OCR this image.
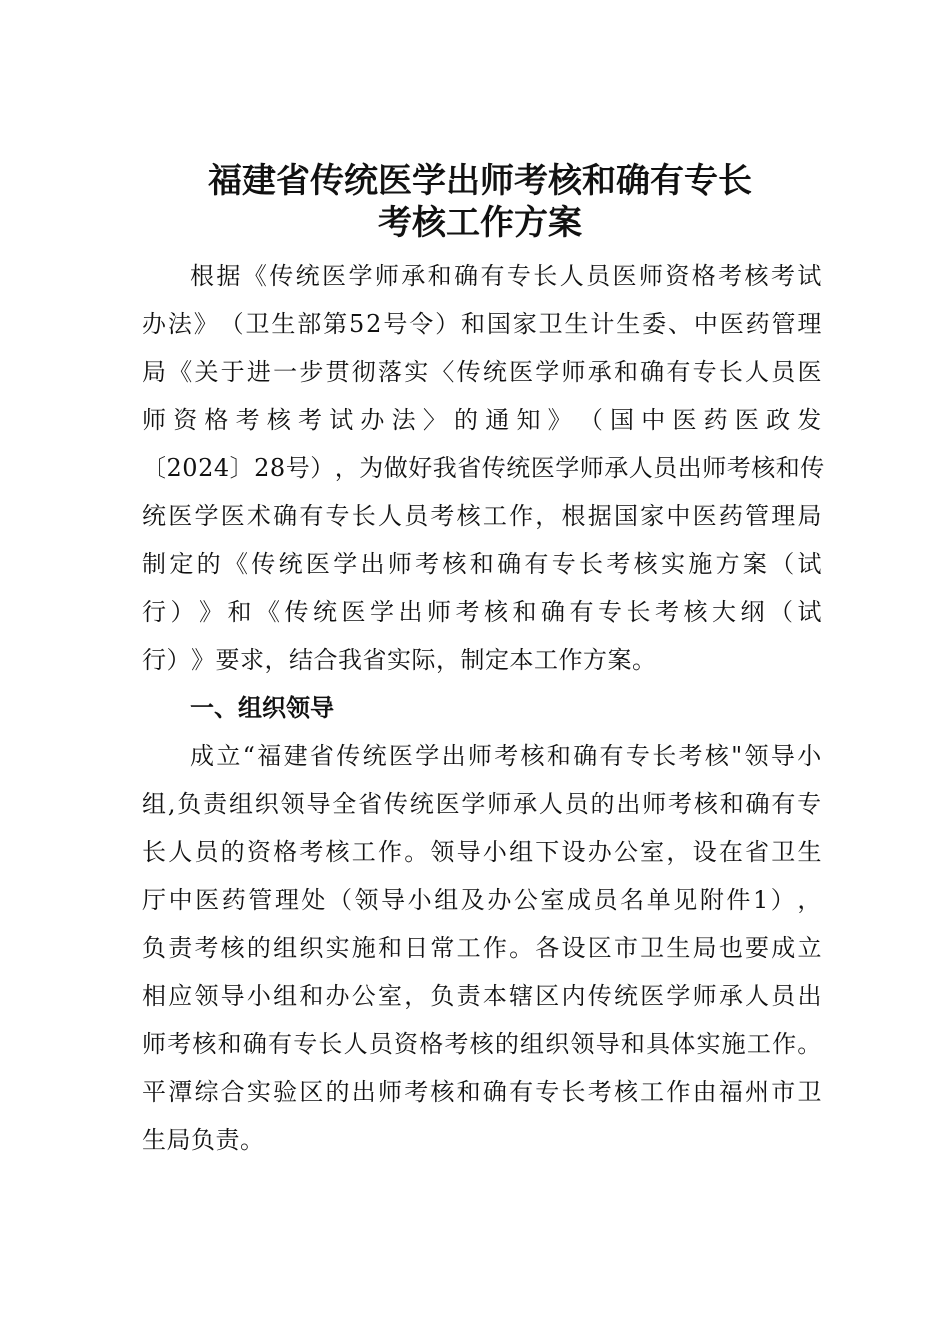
福建省传统医学出师考核和确有专长
考核工作方案
根 据 《 传 统 医 学 师 承 和 确 有 专 长 人 员 医 师 资 格 考 核 考 试
办 法 》 （ 卫 生 部 第 5 2 号 令 ） 和 国 家 卫 生 计 生 委 、 中 医 药 管 理
局 《 关 于 进 一 步 贯 彻 落 实 〈 传 统 医 学 师 承 和 确 有 专 长 人 员 医
师 资 格 考 核 考 试 办 法 〉 的 通 知 》 （ 国 中 医 药 医 政 发
〔 2 0 2 4 〕 2 8 号 ） ， 为 做 好 我 省 传 统 医 学 师 承 人 员 出 师 考 核 和 传
统 医 学 医 术 确 有 专 长 人 员 考 核 工 作 ， 根 据 国 家 中 医 药 管 理 局
制 定 的 《 传 统 医 学 出 师 考 核 和 确 有 专 长 考 核 实 施 方 案 （ 试
行 ） 》 和 《 传 统 医 学 出 师 考 核 和 确 有 专 长 考 核 大 纲 （ 试
行 ） 》 要 求 ， 结 合 我 省 实 际 ， 制 定 本 工 作 方 案 。
一、组织领导
成 立 “ 福 建 省 传 统 医 学 出 师 考 核 和 确 有 专 长 考 核 " 领 导 小
组 , 负 责 组 织 领 导 全 省 传 统 医 学 师 承 人 员 的 出 师 考 核 和 确 有 专
长 人 员 的 资 格 考 核 工 作 。 领 导 小 组 下 设 办 公 室 ， 设 在 省 卫 生
厅 中 医 药 管 理 处 （ 领 导 小 组 及 办 公 室 成 员 名 单 见 附 件 1 ） ，
负 责 考 核 的 组 织 实 施 和 日 常 工 作 。 各 设 区 市 卫 生 局 也 要 成 立
相 应 领 导 小 组 和 办 公 室 ， 负 责 本 辖 区 内 传 统 医 学 师 承 人 员 出
师 考 核 和 确 有 专 长 人 员 资 格 考 核 的 组 织 领 导 和 具 体 实 施 工 作 。
平 潭 综 合 实 验 区 的 出 师 考 核 和 确 有 专 长 考 核 工 作 由 福 州 市 卫
生 局 负 责 。
